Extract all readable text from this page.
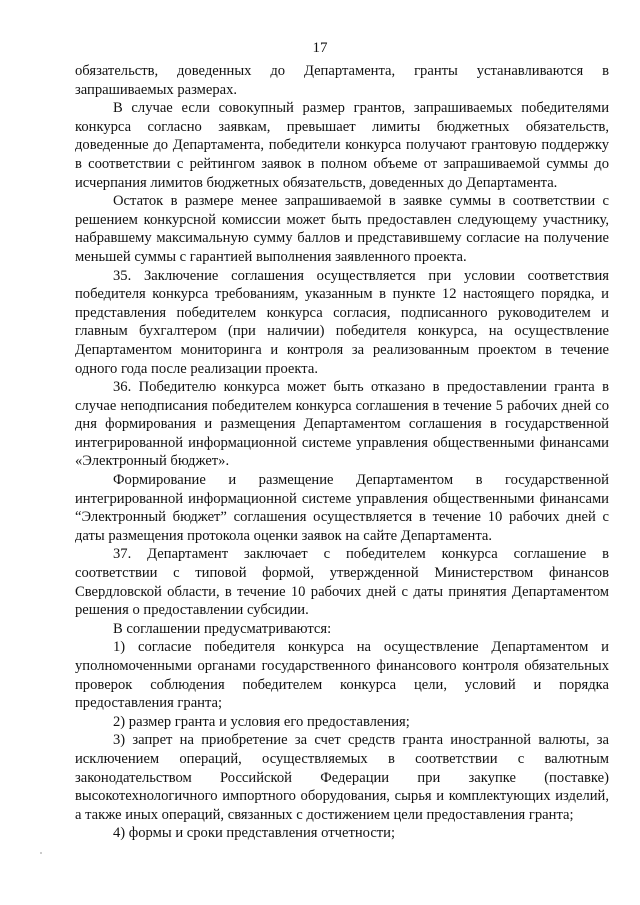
17

обязательств, доведенных до Департамента, гранты устанавливаются в запрашиваемых размерах.

В случае если совокупный размер грантов, запрашиваемых победителями конкурса согласно заявкам, превышает лимиты бюджетных обязательств, доведенные до Департамента, победители конкурса получают грантовую поддержку в соответствии с рейтингом заявок в полном объеме от запрашиваемой суммы до исчерпания лимитов бюджетных обязательств, доведенных до Департамента.

Остаток в размере менее запрашиваемой в заявке суммы в соответствии с решением конкурсной комиссии может быть предоставлен следующему участнику, набравшему максимальную сумму баллов и представившему согласие на получение меньшей суммы с гарантией выполнения заявленного проекта.

35. Заключение соглашения осуществляется при условии соответствия победителя конкурса требованиям, указанным в пункте 12 настоящего порядка, и представления победителем конкурса согласия, подписанного руководителем и главным бухгалтером (при наличии) победителя конкурса, на осуществление Департаментом мониторинга и контроля за реализованным проектом в течение одного года после реализации проекта.

36. Победителю конкурса может быть отказано в предоставлении гранта в случае неподписания победителем конкурса соглашения в течение 5 рабочих дней со дня формирования и размещения Департаментом соглашения в государственной интегрированной информационной системе управления общественными финансами «Электронный бюджет».

Формирование и размещение Департаментом в государственной интегрированной информационной системе управления общественными финансами “Электронный бюджет” соглашения осуществляется в течение 10 рабочих дней с даты размещения протокола оценки заявок на сайте Департамента.

37. Департамент заключает с победителем конкурса соглашение в соответствии с типовой формой, утвержденной Министерством финансов Свердловской области, в течение 10 рабочих дней с даты принятия Департаментом решения о предоставлении субсидии.

В соглашении предусматриваются:

1) согласие победителя конкурса на осуществление Департаментом и уполномоченными органами государственного финансового контроля обязательных проверок соблюдения победителем конкурса цели, условий и порядка предоставления гранта;

2) размер гранта и условия его предоставления;

3) запрет на приобретение за счет средств гранта иностранной валюты, за исключением операций, осуществляемых в соответствии с валютным законодательством Российской Федерации при закупке (поставке) высокотехнологичного импортного оборудования, сырья и комплектующих изделий, а также иных операций, связанных с достижением цели предоставления гранта;

4) формы и сроки представления отчетности;
